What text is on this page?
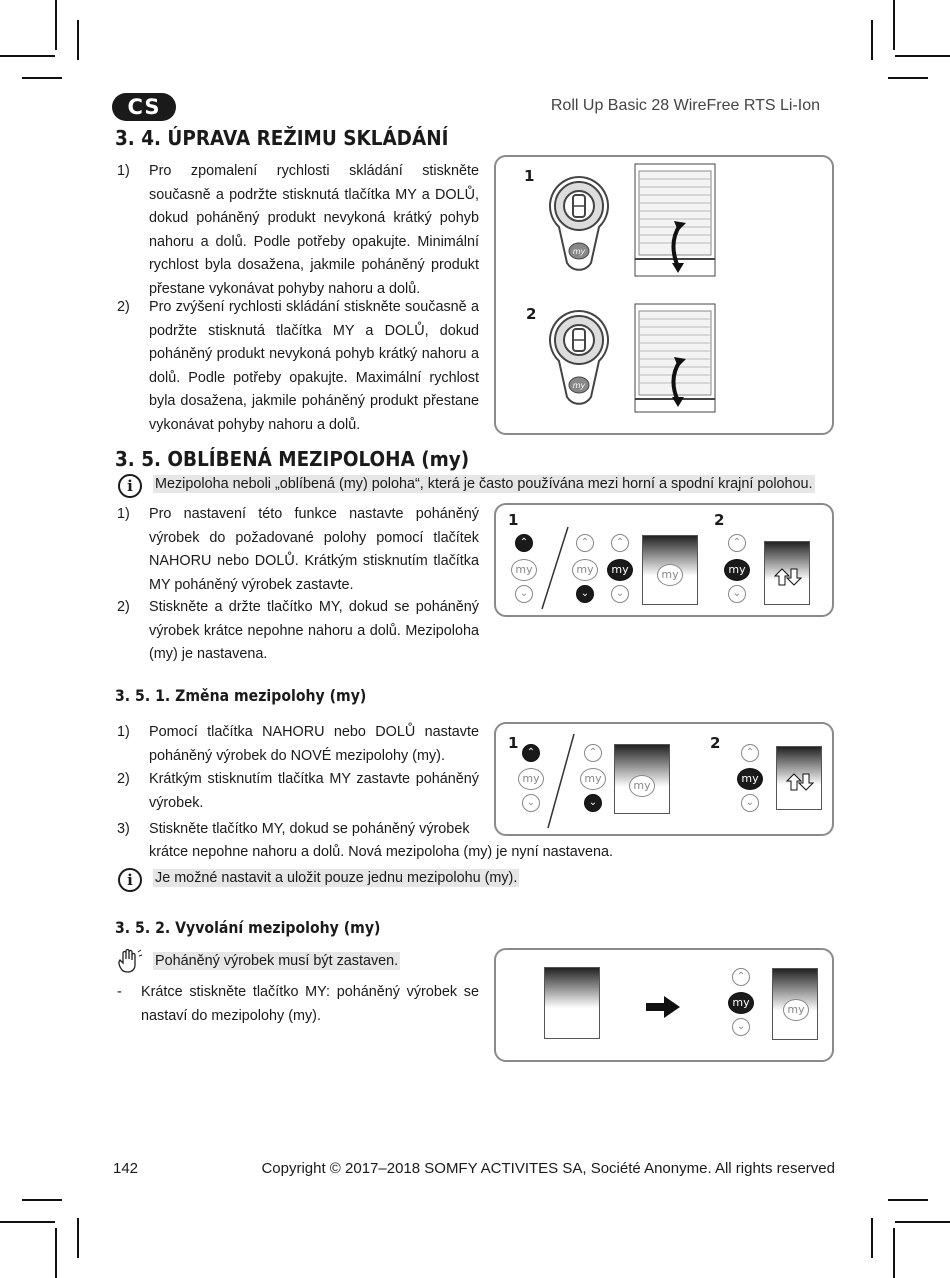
CS	Roll Up Basic 28 WireFree RTS Li-Ion
3. 4. ÚPRAVA REŽIMU SKLÁDÁNÍ
1) Pro zpomalení rychlosti skládání stiskněte současně a podržte stisknutá tlačítka MY a DOLŮ, dokud poháněný produkt nevykoná krátký pohyb nahoru a dolů. Podle potřeby opakujte. Minimální rychlost byla dosažena, jakmile poháněný produkt přestane vykonávat pohyby nahoru a dolů.
2) Pro zvýšení rychlosti skládání stiskněte současně a podržte stisknutá tlačítka MY a DOLŮ, dokud poháněný produkt nevykoná pohyb krátký nahoru a dolů. Podle potřeby opakujte. Maximální rychlost byla dosažena, jakmile poháněný produkt přestane vykonávat pohyby nahoru a dolů.
1
2
my
my
3. 5. OBLÍBENÁ MEZIPOLOHA (my)
i	Mezipoloha neboli „oblíbená (my) poloha“, která je často používána mezi horní a spodní krajní polohou.
1) Pro nastavení této funkce nastavte poháněný výrobek do požadované polohy pomocí tlačítek NAHORU nebo DOLŮ. Krátkým stisknutím tlačítka MY poháněný výrobek zastavte.
2) Stiskněte a držte tlačítko MY, dokud se poháněný výrobek krátce nepohne nahoru a dolů. Mezipoloha (my) je nastavena.
1	2
⌃
my
⌄
⌃
my
⌄
⌃
my
⌄
my
⌃
my
⌄
3. 5. 1. Změna mezipolohy (my)
1) Pomocí tlačítka NAHORU nebo DOLŮ nastavte poháněný výrobek do NOVÉ mezipolohy (my).
2) Krátkým stisknutím tlačítka MY zastavte poháněný výrobek.
3) Stiskněte tlačítko MY, dokud se poháněný výrobek
krátce nepohne nahoru a dolů. Nová mezipoloha (my) je nyní nastavena.
i	Je možné nastavit a uložit pouze jednu mezipolohu (my).
1	2
⌃
my
⌄
⌃
my
⌄
my
⌃
my
⌄
3. 5. 2. Vyvolání mezipolohy (my)
Poháněný výrobek musí být zastaven.
- Krátce stiskněte tlačítko MY: poháněný výrobek se nastaví do mezipolohy (my).
⌃
my
⌄
my
142	Copyright © 2017–2018 SOMFY ACTIVITES SA, Société Anonyme. All rights reserved
